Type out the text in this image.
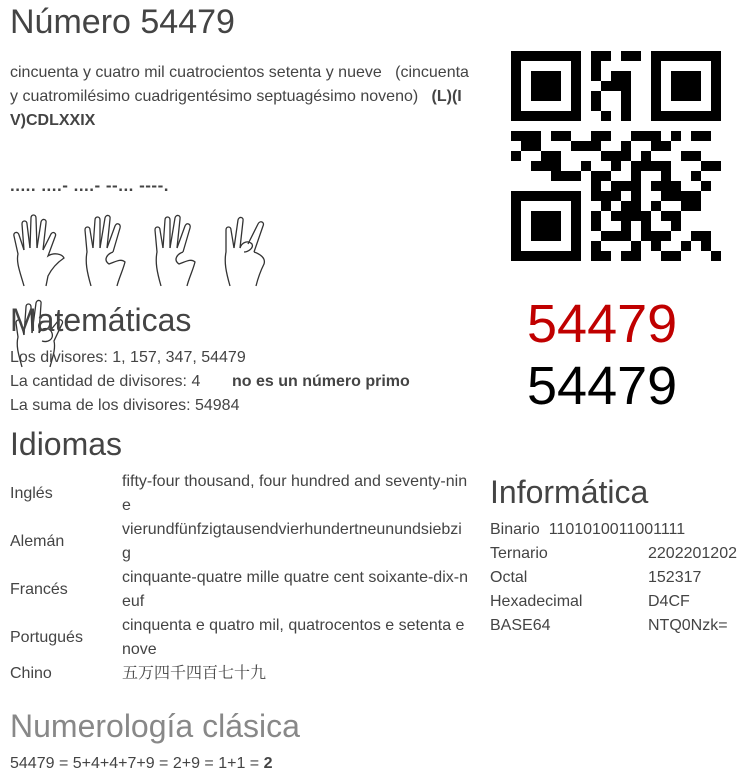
Número 54479
cincuenta y cuatro mil cuatrocientos setenta y nueve (cincuenta y cuatromilésimo cuadrigentésimo septuagésimo noveno) (L)(IV)CDLXXIX
..... ....- ....- --... ----.

54479
54479
Matemáticas
Los divisores: 1, 157, 347, 54479
La cantidad de divisores: 4 no es un número primo
La suma de los divisores: 54984
Idiomas
Inglés	fifty-four thousand, four hundred and seventy-nine
Alemán	vierundfünfzigtausendvierhundertneunundsiebzig
Francés	cinquante-quatre mille quatre cent soixante-dix-neuf
Portugués	cinquenta e quatro mil, quatrocentos e setenta e nove
Chino	五万四千四百七十九
Informática
Binario 1101010011001111
Ternario	2202201202
Octal	152317
Hexadecimal	D4CF
BASE64	NTQ0Nzk=
Numerología clásica
54479 = 5+4+4+7+9 = 2+9 = 1+1 = 2
